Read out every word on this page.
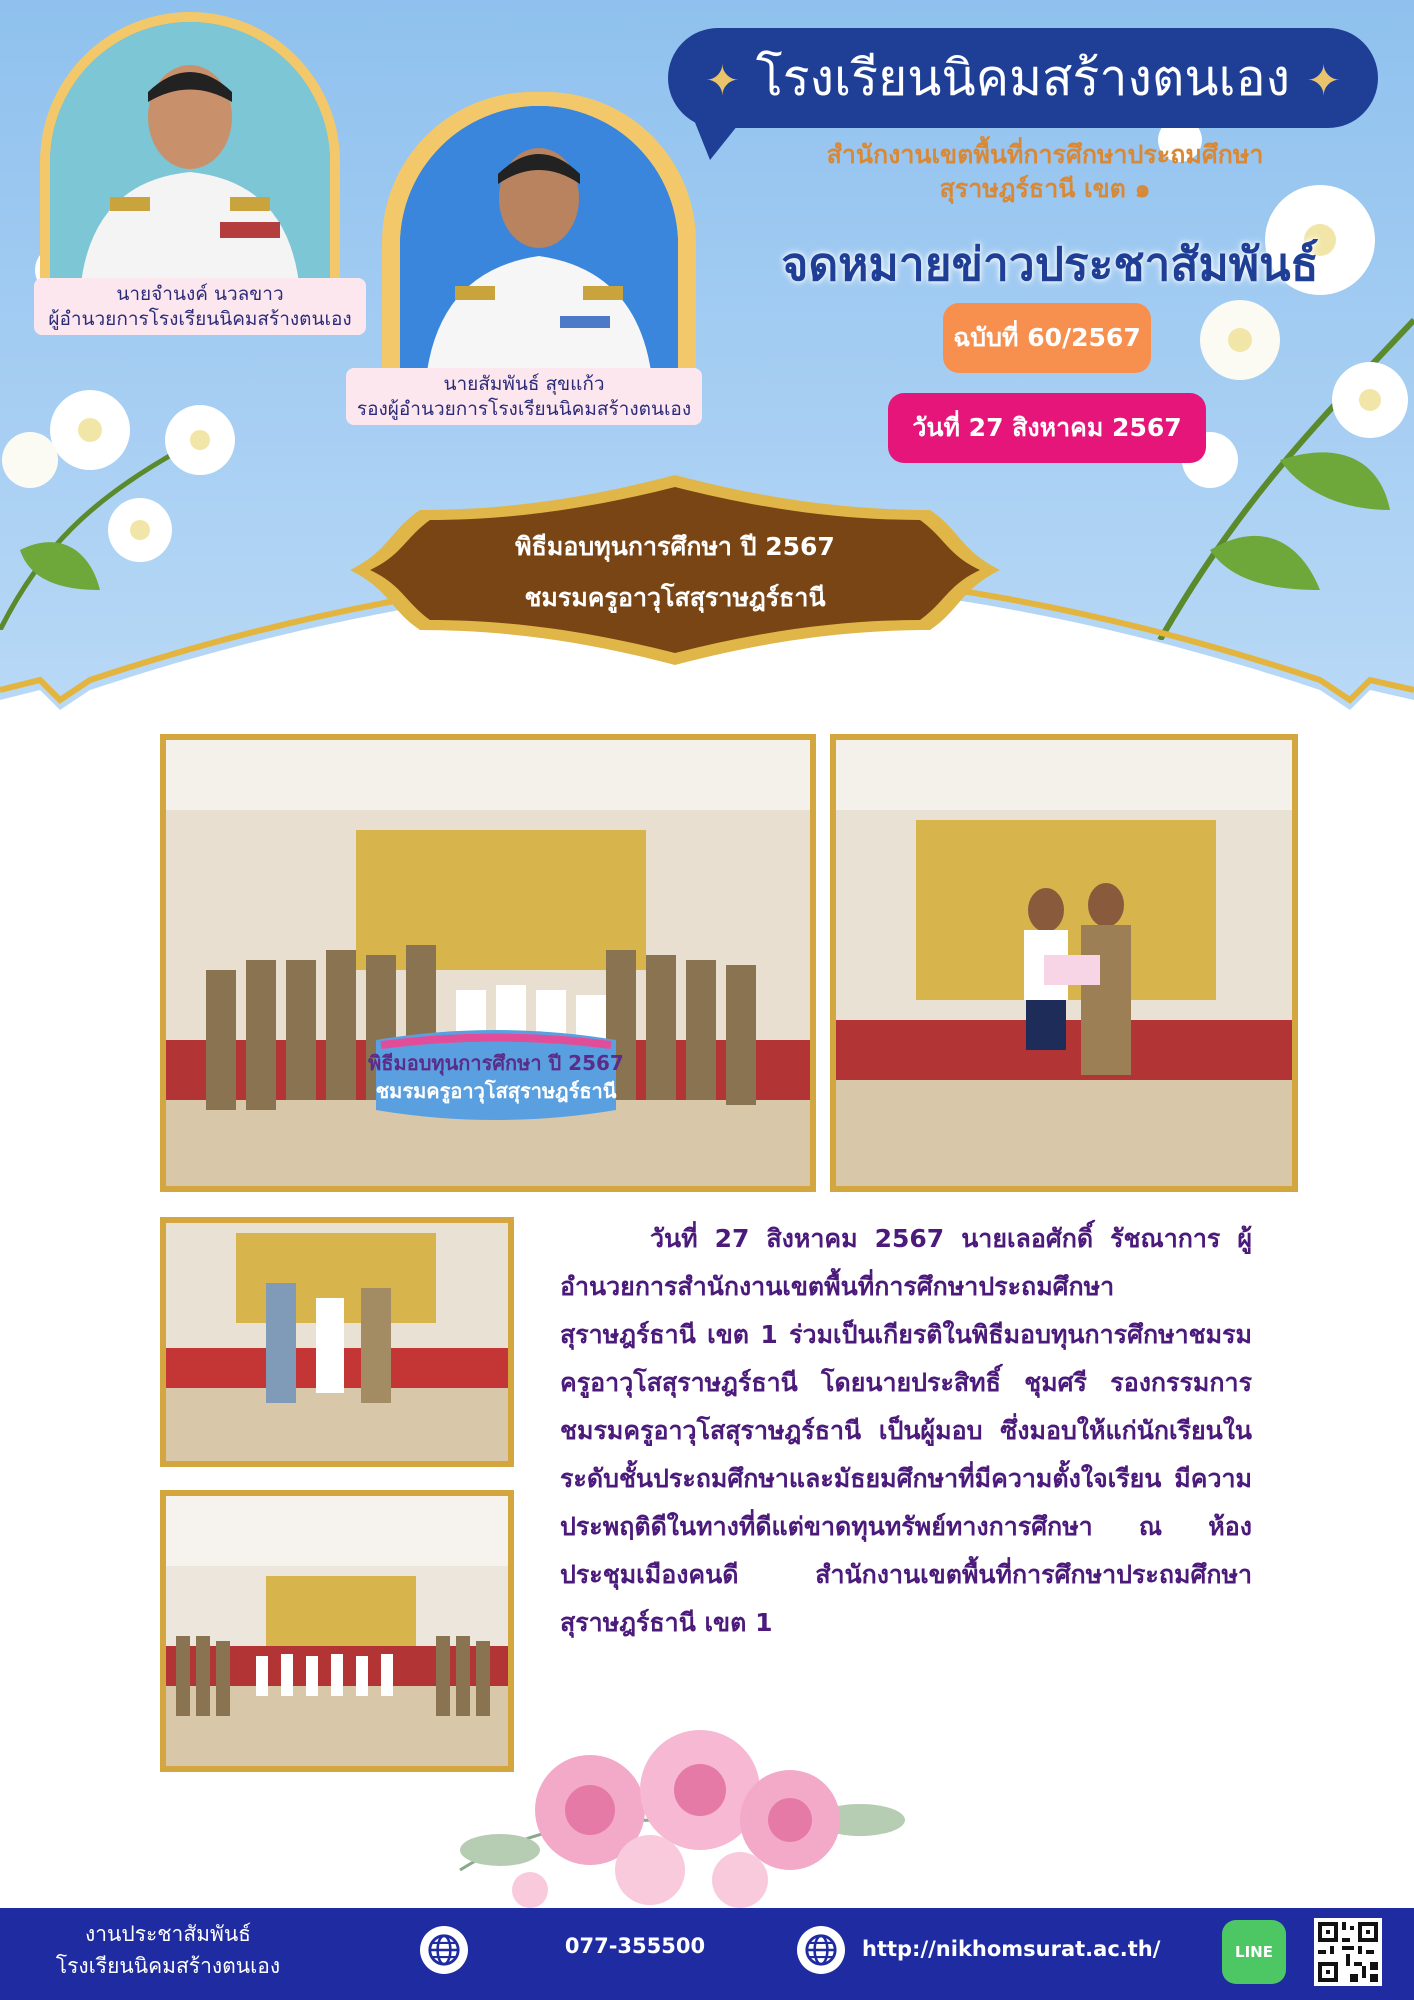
นายจำนงค์ นวลขาว
ผู้อำนวยการโรงเรียนนิคมสร้างตนเอง
นายสัมพันธ์ สุขแก้ว
รองผู้อำนวยการโรงเรียนนิคมสร้างตนเอง
✦ โรงเรียนนิคมสร้างตนเอง ✦
สำนักงานเขตพื้นที่การศึกษาประถมศึกษา
สุราษฎร์ธานี เขต ๑
จดหมายข่าวประชาสัมพันธ์
ฉบับที่ 60/2567
วันที่ 27 สิงหาคม 2567
พิธีมอบทุนการศึกษา ปี 2567
ชมรมครูอาวุโสสุราษฎร์ธานี
พิธีมอบทุนการศึกษา ปี 2567
ชมรมครูอาวุโสสุราษฎร์ธานี

วันที่ 27 สิงหาคม 2567 นายเลอศักดิ์ รัชณาการ ผู้อำนวยการสำนักงานเขตพื้นที่การศึกษาประถมศึกษา สุราษฎร์ธานี เขต 1 ร่วมเป็นเกียรติในพิธีมอบทุนการศึกษาชมรมครูอาวุโสสุราษฎร์ธานี โดยนายประสิทธิ์ ชุมศรี รองกรรมการชมรมครูอาวุโสสุราษฎร์ธานี เป็นผู้มอบ ซึ่งมอบให้แก่นักเรียนในระดับชั้นประถมศึกษาและมัธยมศึกษาที่มีความตั้งใจเรียน มีความประพฤติดีในทางที่ดีแต่ขาดทุนทรัพย์ทางการศึกษา ณ ห้องประชุมเมืองคนดี สำนักงานเขตพื้นที่การศึกษาประถมศึกษาสุราษฎร์ธานี เขต 1

งานประชาสัมพันธ์
โรงเรียนนิคมสร้างตนเอง
077-355500	http://nikhomsurat.ac.th/	LINE
